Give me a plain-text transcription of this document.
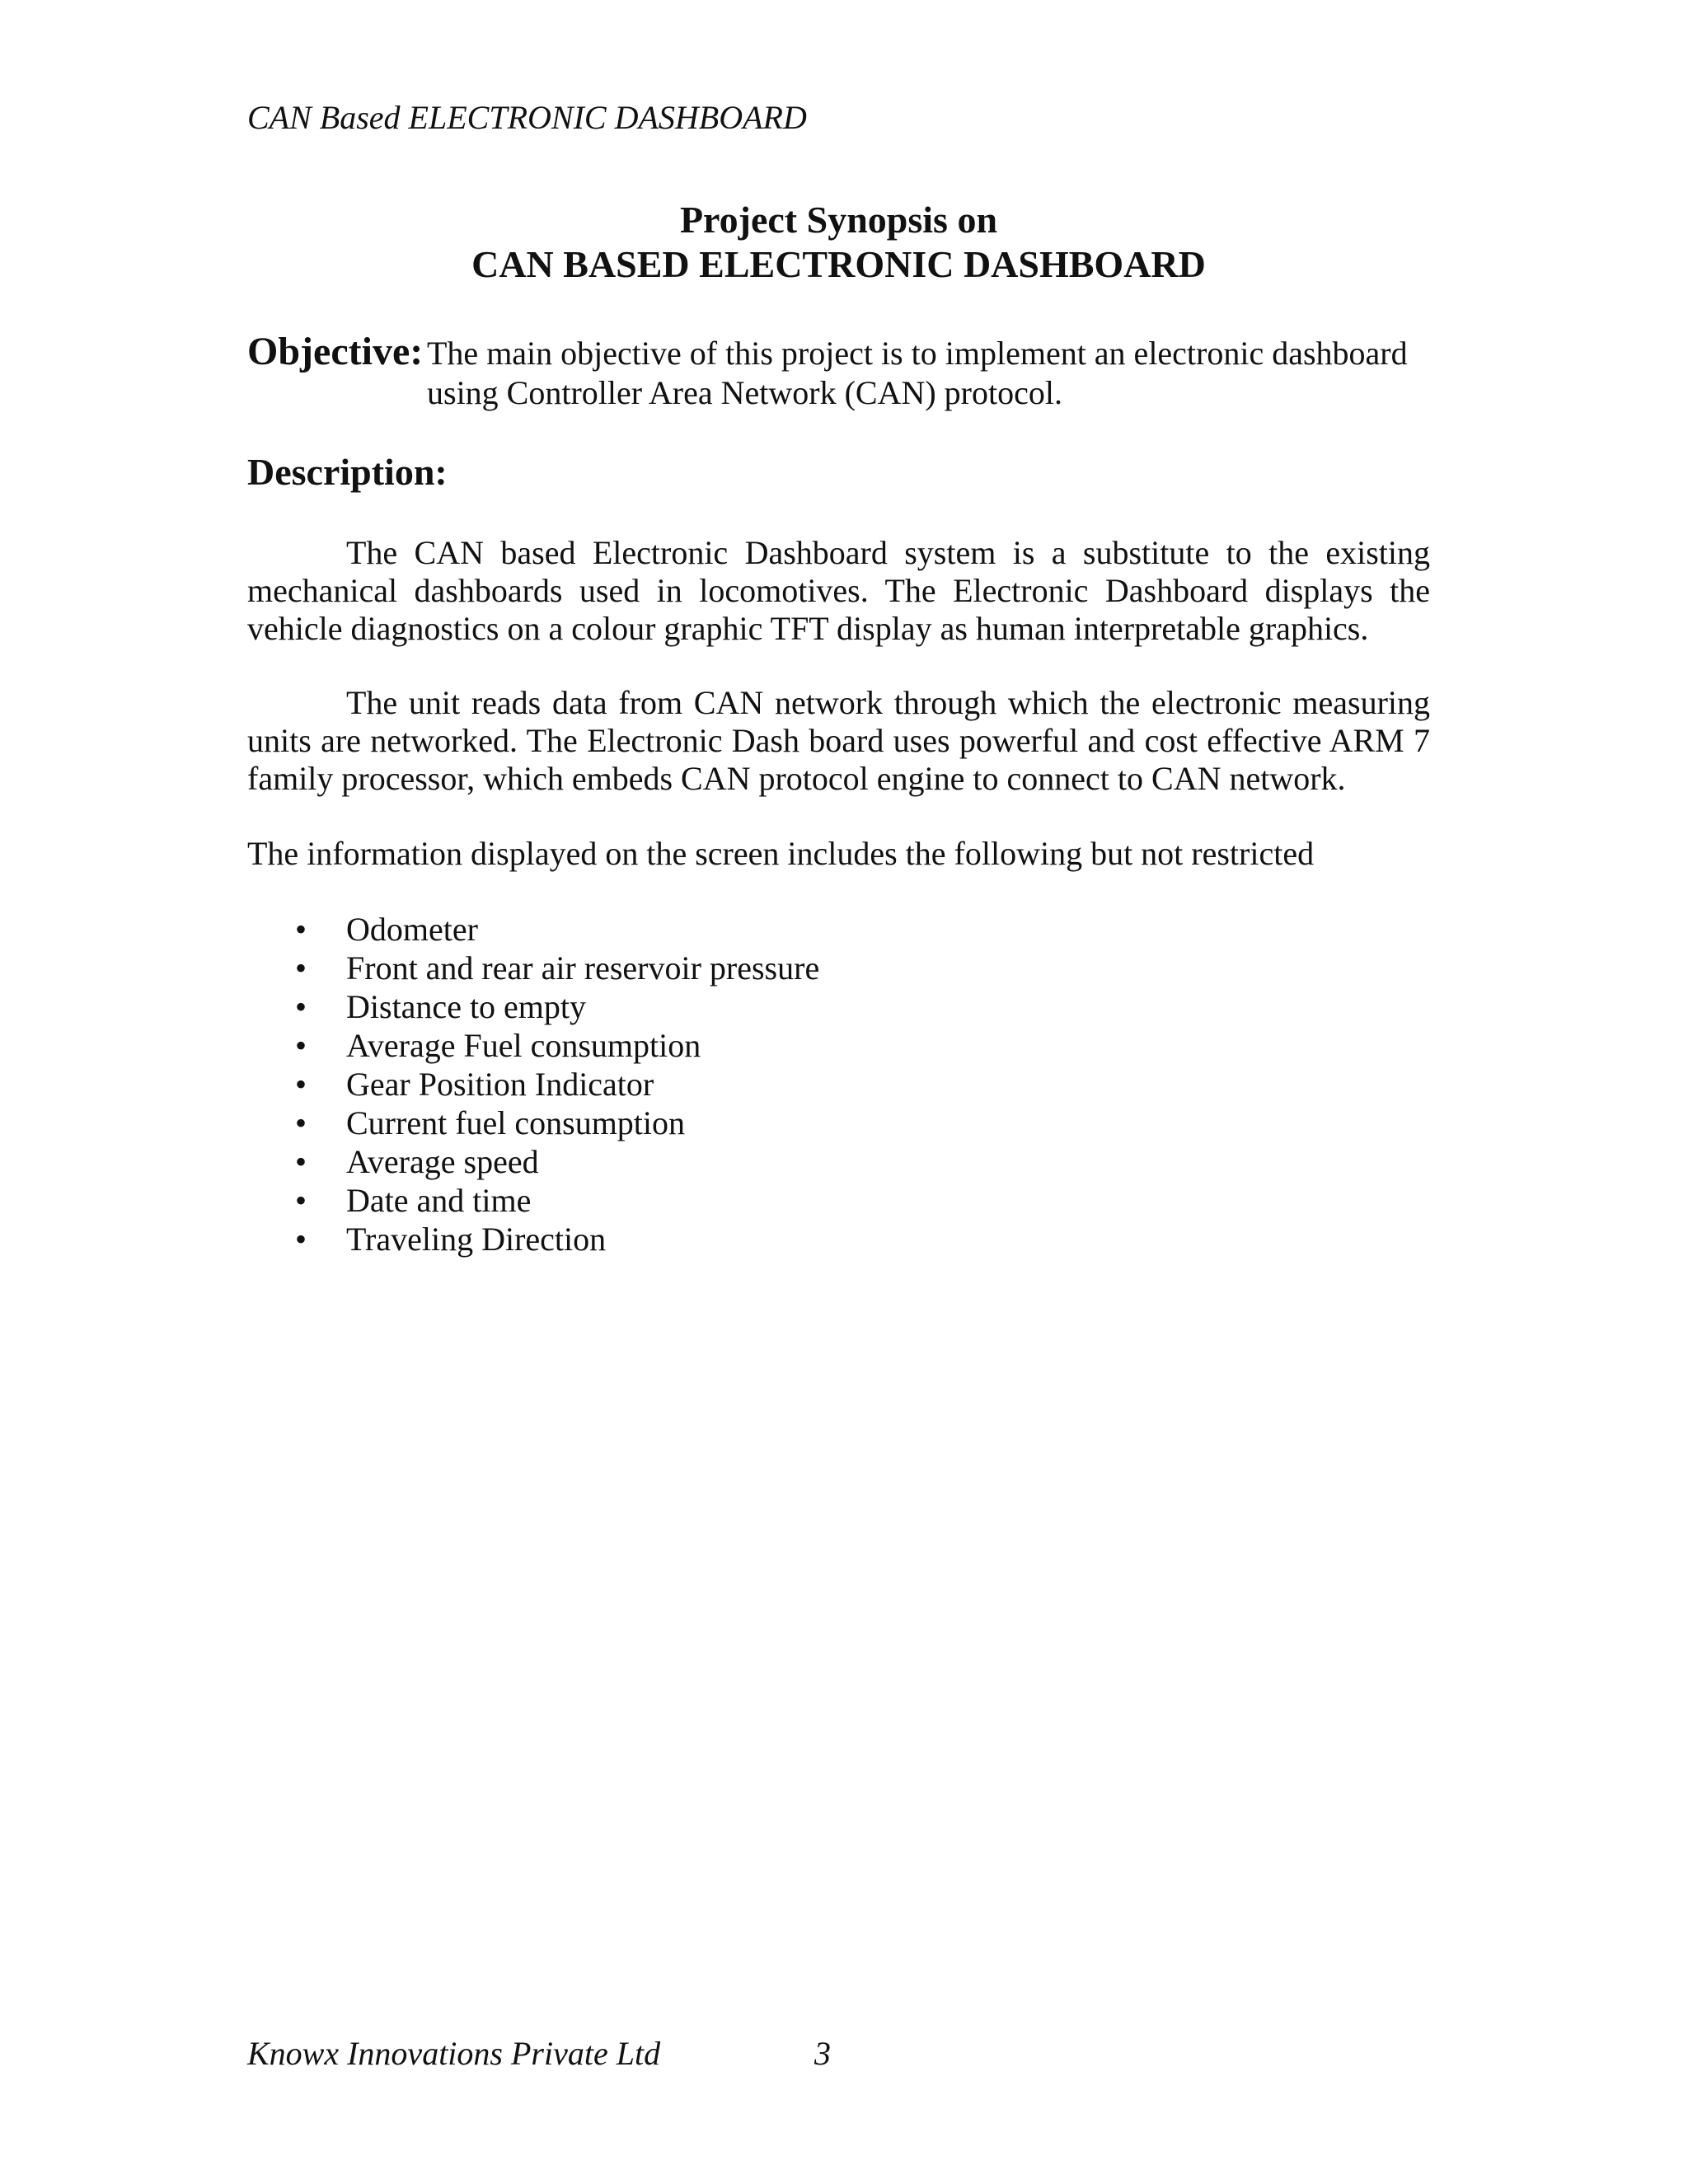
CAN Based ELECTRONIC DASHBOARD
Project Synopsis on
CAN BASED ELECTRONIC DASHBOARD
Objective: The main objective of this project is to implement an electronic dashboard
using Controller Area Network (CAN) protocol.
Description:

The CAN based Electronic Dashboard system is a substitute to the existing mechanical dashboards used in locomotives. The Electronic Dashboard displays the vehicle diagnostics on a colour graphic TFT display as human interpretable graphics.

The unit reads data from CAN network through which the electronic measuring units are networked. The Electronic Dash board uses powerful and cost effective ARM 7 family processor, which embeds CAN protocol engine to connect to CAN network.

The information displayed on the screen includes the following but not restricted
• Odometer
• Front and rear air reservoir pressure
• Distance to empty
• Average Fuel consumption
• Gear Position Indicator
• Current fuel consumption
• Average speed
• Date and time
• Traveling Direction
Knowx Innovations Private Ltd	3
